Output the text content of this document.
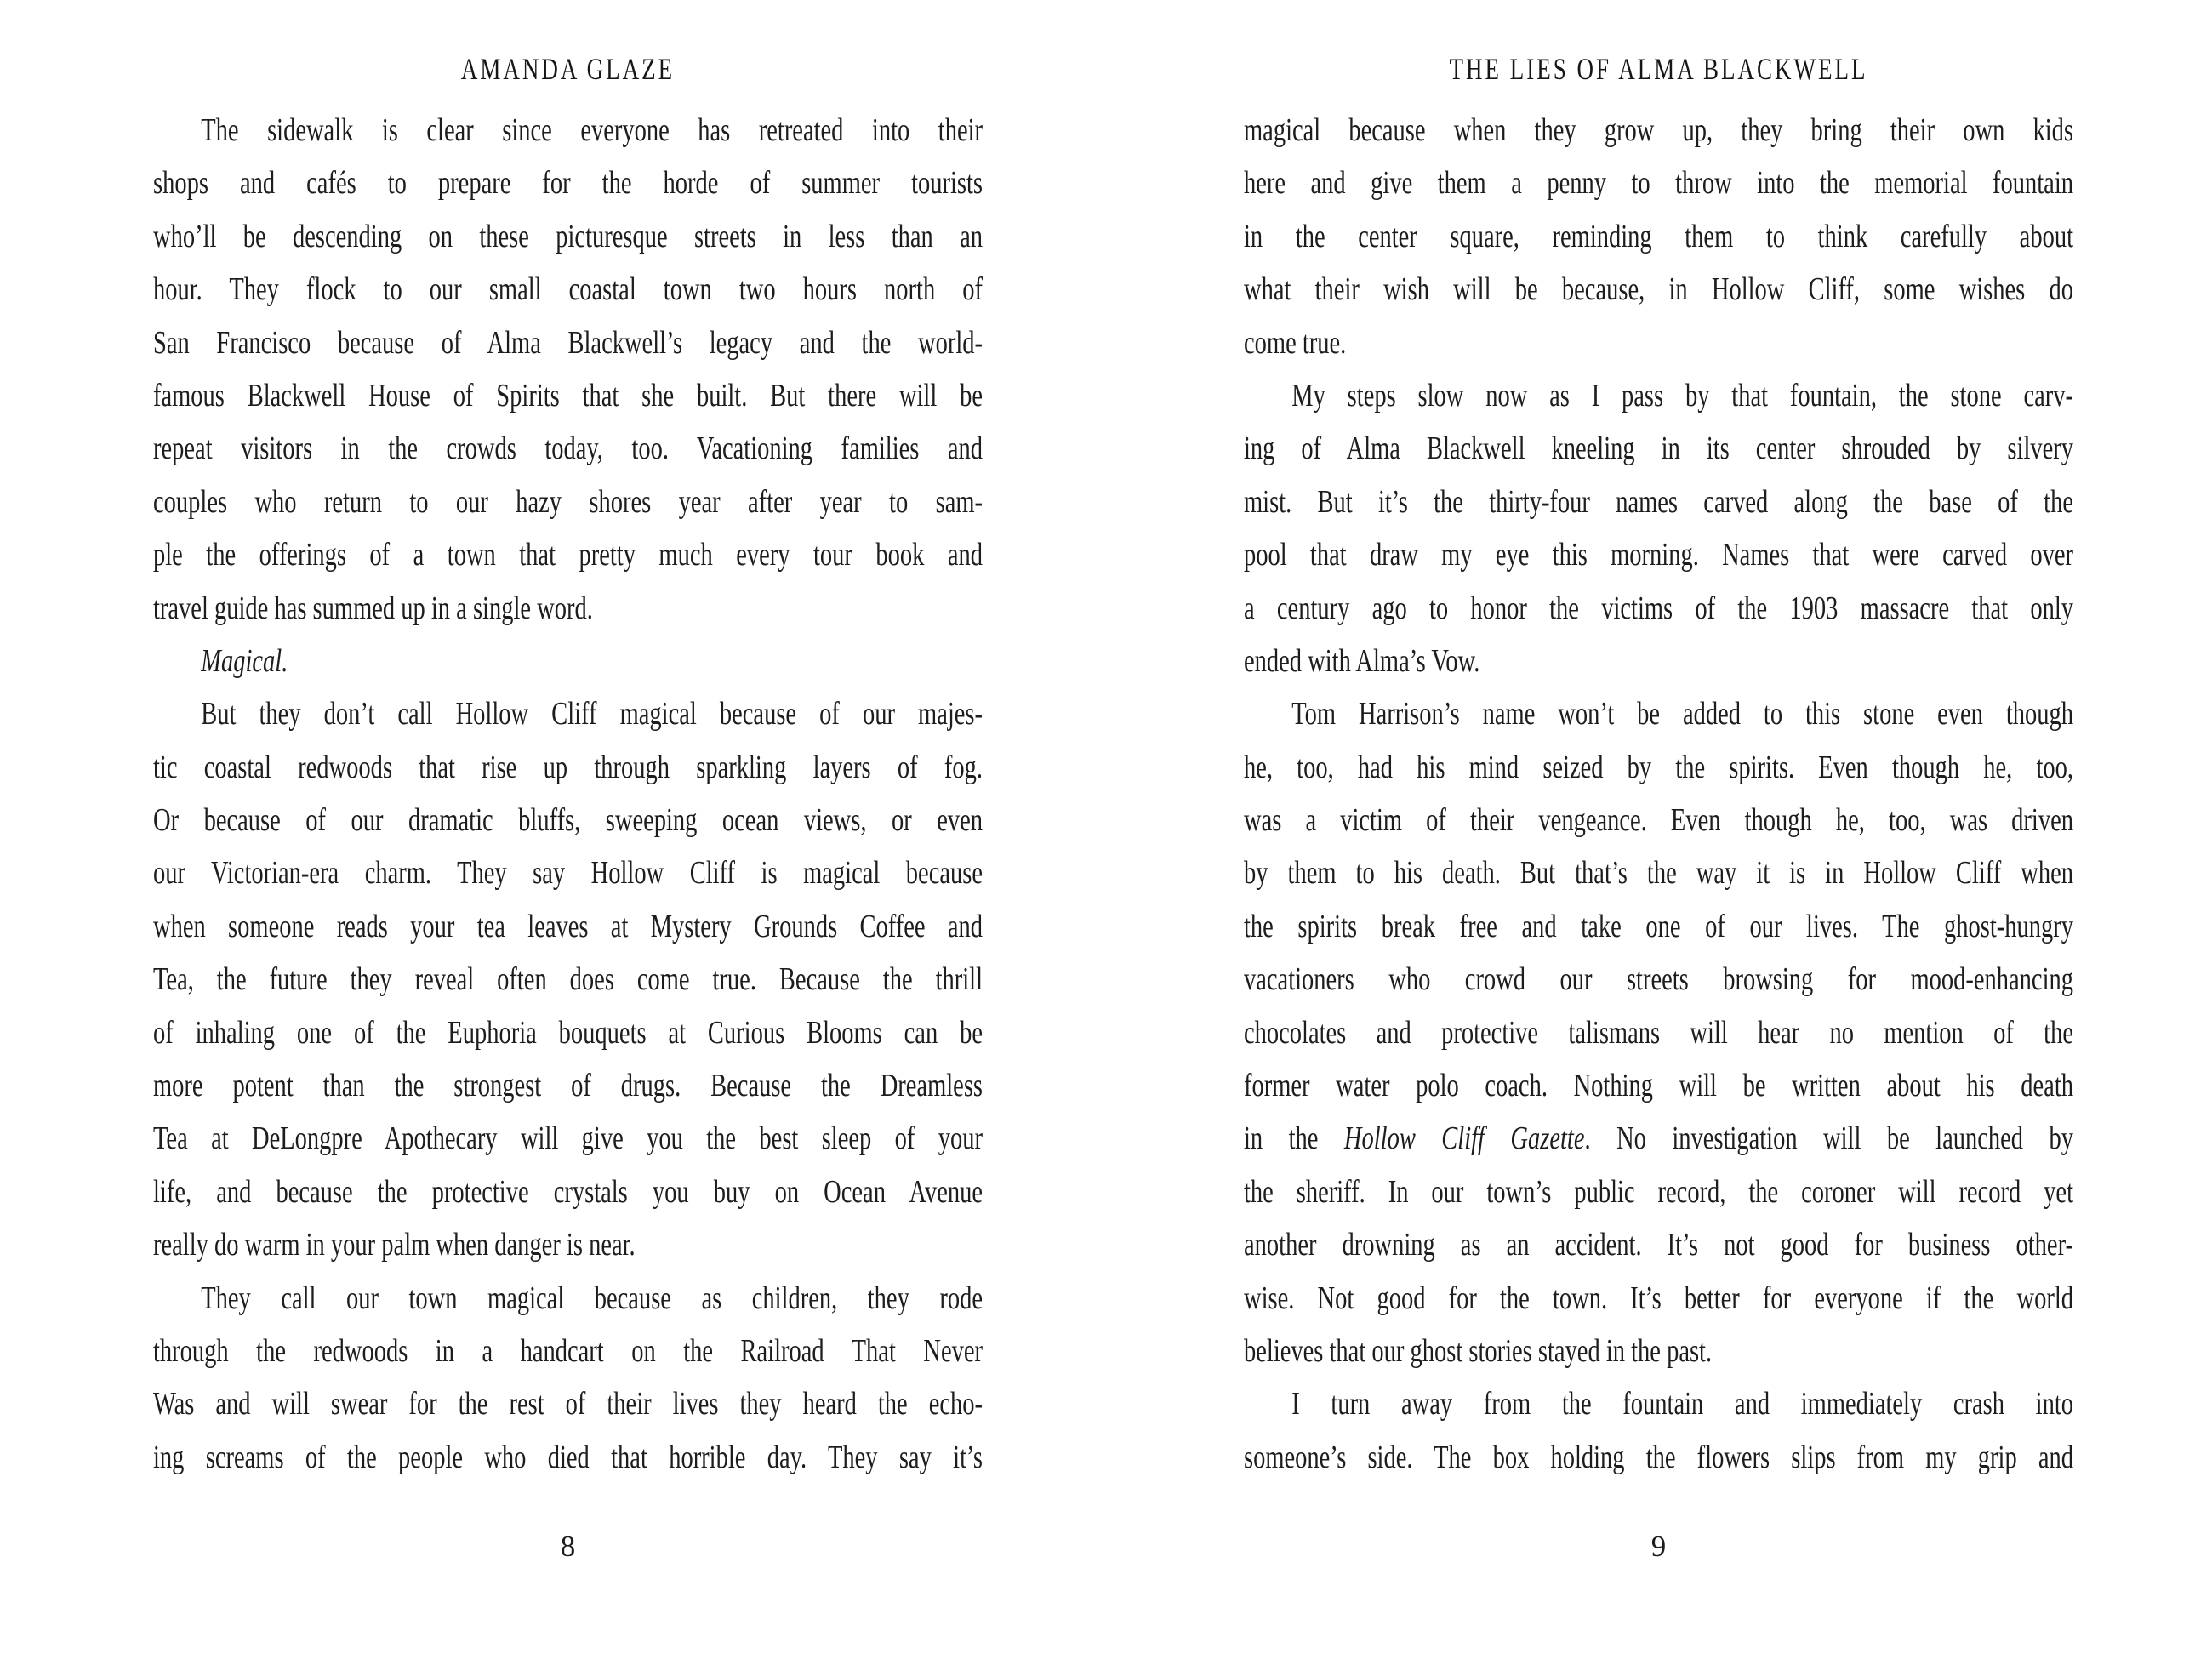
AMANDA GLAZE
The sidewalk is clear since everyone has retreated into their
shops and cafés to prepare for the horde of summer tourists
who’ll be descending on these picturesque streets in less than an
hour. They flock to our small coastal town two hours north of
San Francisco because of Alma Blackwell’s legacy and the world-
famous Blackwell House of Spirits that she built. But there will be
repeat visitors in the crowds today, too. Vacationing families and
couples who return to our hazy shores year after year to sam-
ple the offerings of a town that pretty much every tour book and
travel guide has summed up in a single word.
Magical.
But they don’t call Hollow Cliff magical because of our majes-
tic coastal redwoods that rise up through sparkling layers of fog.
Or because of our dramatic bluffs, sweeping ocean views, or even
our Victorian-era charm. They say Hollow Cliff is magical because
when someone reads your tea leaves at Mystery Grounds Coffee and
Tea, the future they reveal often does come true. Because the thrill
of inhaling one of the Euphoria bouquets at Curious Blooms can be
more potent than the strongest of drugs. Because the Dreamless
Tea at DeLongpre Apothecary will give you the best sleep of your
life, and because the protective crystals you buy on Ocean Avenue
really do warm in your palm when danger is near.
They call our town magical because as children, they rode
through the redwoods in a handcart on the Railroad That Never
Was and will swear for the rest of their lives they heard the echo-
ing screams of the people who died that horrible day. They say it’s
8
THE LIES OF ALMA BLACKWELL
magical because when they grow up, they bring their own kids
here and give them a penny to throw into the memorial fountain
in the center square, reminding them to think carefully about
what their wish will be because, in Hollow Cliff, some wishes do
come true.
My steps slow now as I pass by that fountain, the stone carv-
ing of Alma Blackwell kneeling in its center shrouded by silvery
mist. But it’s the thirty-four names carved along the base of the
pool that draw my eye this morning. Names that were carved over
a century ago to honor the victims of the 1903 massacre that only
ended with Alma’s Vow.
Tom Harrison’s name won’t be added to this stone even though
he, too, had his mind seized by the spirits. Even though he, too,
was a victim of their vengeance. Even though he, too, was driven
by them to his death. But that’s the way it is in Hollow Cliff when
the spirits break free and take one of our lives. The ghost-hungry
vacationers who crowd our streets browsing for mood-enhancing
chocolates and protective talismans will hear no mention of the
former water polo coach. Nothing will be written about his death
in the Hollow Cliff Gazette. No investigation will be launched by
the sheriff. In our town’s public record, the coroner will record yet
another drowning as an accident. It’s not good for business other-
wise. Not good for the town. It’s better for everyone if the world
believes that our ghost stories stayed in the past.
I turn away from the fountain and immediately crash into
someone’s side. The box holding the flowers slips from my grip and
9
